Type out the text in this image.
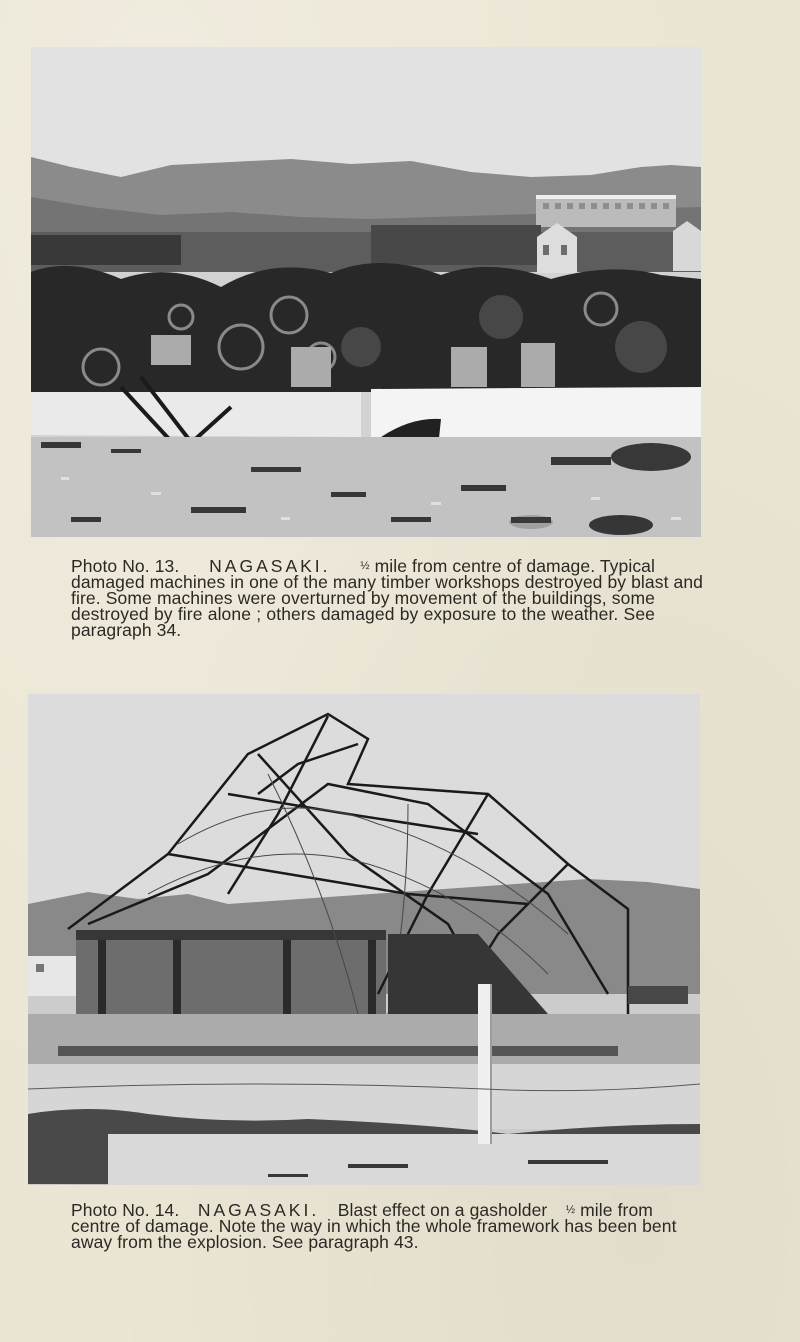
Photo No. 13. NAGASAKI.	½ mile from centre of damage. Typical
damaged machines in one of the many timber workshops destroyed by blast and
fire. Some machines were overturned by movement of the buildings, some
destroyed by fire alone ; others damaged by exposure to the weather. See
paragraph 34.
Photo No. 14. NAGASAKI. Blast effect on a gasholder ½ mile from
centre of damage. Note the way in which the whole framework has been bent
away from the explosion. See paragraph 43.
